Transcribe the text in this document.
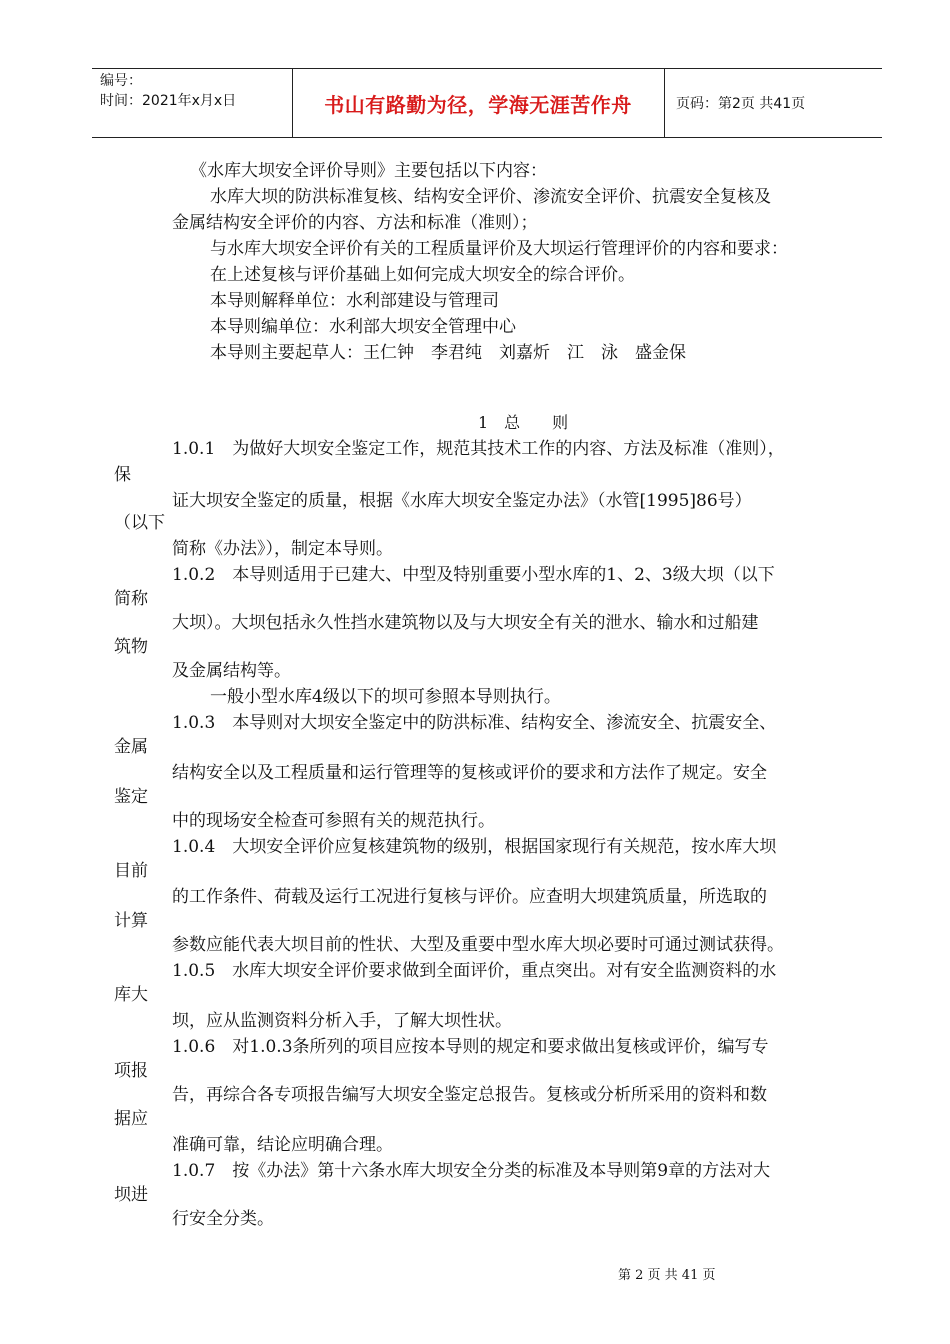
编号：
时间：2021年x月x日	书山有路勤为径，学海无涯苦作舟	页码：第2页 共41页
《水库大坝安全评价导则》主要包括以下内容：
水库大坝的防洪标准复核、结构安全评价、渗流安全评价、抗震安全复核及
金属结构安全评价的内容、方法和标准（准则）；
与水库大坝安全评价有关的工程质量评价及大坝运行管理评价的内容和要求：
在上述复核与评价基础上如何完成大坝安全的综合评价。
本导则解释单位：水利部建设与管理司
本导则编单位：水利部大坝安全管理中心
本导则主要起草人：王仁钟　李君纯　刘嘉炘　江　泳　盛金保
1　总　　则
1.0.1　为做好大坝安全鉴定工作，规范其技术工作的内容、方法及标准（准则），
保
证大坝安全鉴定的质量，根据《水库大坝安全鉴定办法》（水管[1995]86号）
（以下
简称《办法》），制定本导则。
1.0.2　本导则适用于已建大、中型及特别重要小型水库的1、2、3级大坝（以下
简称
大坝）。大坝包括永久性挡水建筑物以及与大坝安全有关的泄水、输水和过船建
筑物
及金属结构等。
一般小型水库4级以下的坝可参照本导则执行。
1.0.3　本导则对大坝安全鉴定中的防洪标准、结构安全、渗流安全、抗震安全、
金属
结构安全以及工程质量和运行管理等的复核或评价的要求和方法作了规定。安全
鉴定
中的现场安全检查可参照有关的规范执行。
1.0.4　大坝安全评价应复核建筑物的级别，根据国家现行有关规范，按水库大坝
目前
的工作条件、荷载及运行工况进行复核与评价。应查明大坝建筑质量，所选取的
计算
参数应能代表大坝目前的性状、大型及重要中型水库大坝必要时可通过测试获得。
1.0.5　水库大坝安全评价要求做到全面评价，重点突出。对有安全监测资料的水
库大
坝，应从监测资料分析入手，了解大坝性状。
1.0.6　对1.0.3条所列的项目应按本导则的规定和要求做出复核或评价，编写专
项报
告，再综合各专项报告编写大坝安全鉴定总报告。复核或分析所采用的资料和数
据应
准确可靠，结论应明确合理。
1.0.7　按《办法》第十六条水库大坝安全分类的标准及本导则第9章的方法对大
坝进
行安全分类。
第 2 页 共 41 页
